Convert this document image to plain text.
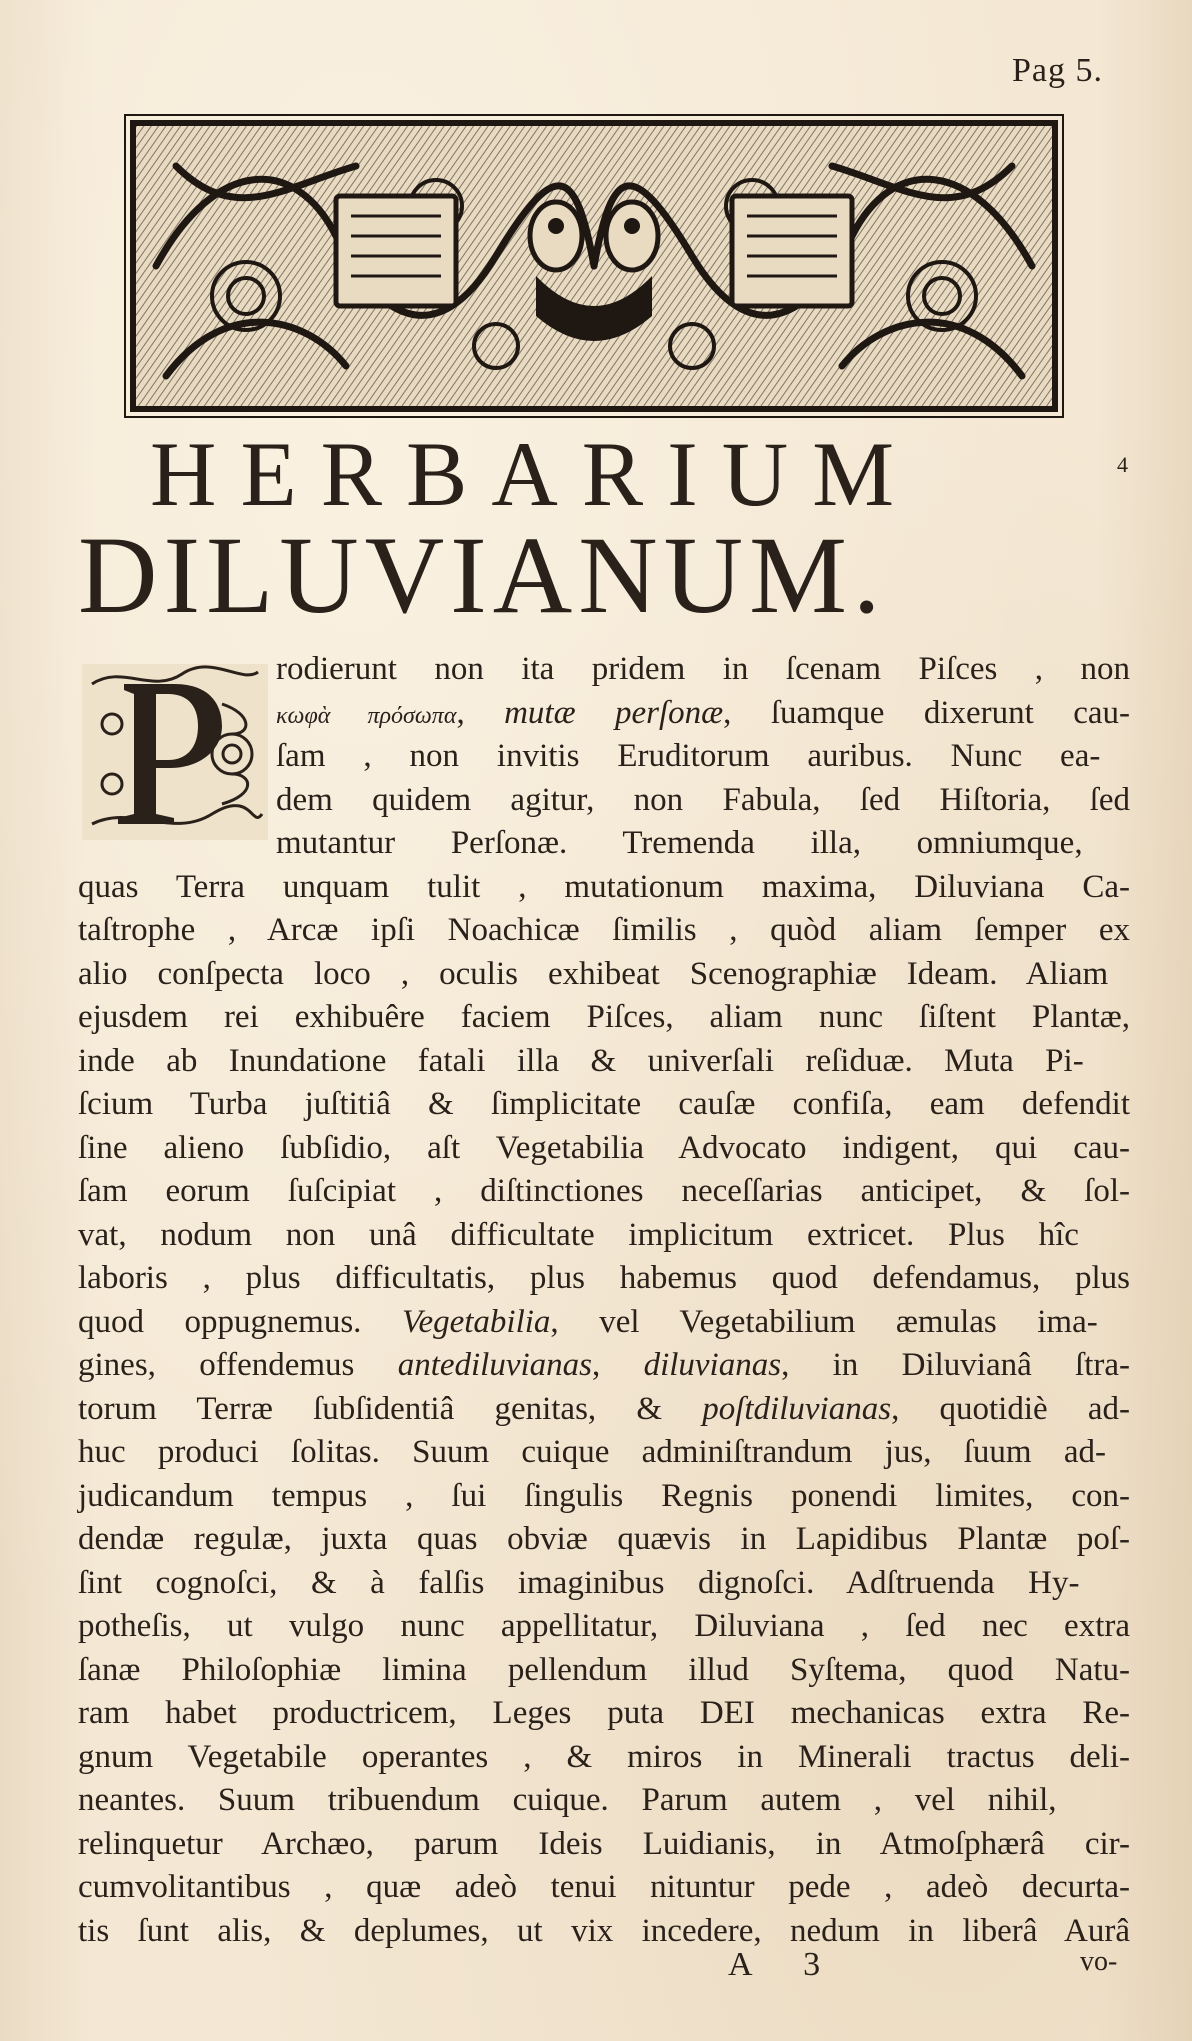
Pag 5.
HERBARIUM	4
DILUVIANUM.
rodierunt non ita pridem in ſcenam Piſces , non
κωφὰ πρόσωπα, mutæ perſonæ, ſuamque dixerunt cau-
ſam , non invitis Eruditorum auribus. Nunc ea-
dem quidem agitur, non Fabula, ſed Hiſtoria, ſed
mutantur Perſonæ. Tremenda illa, omniumque,
quas Terra unquam tulit , mutationum maxima, Diluviana Ca-
taſtrophe , Arcæ ipſi Noachicæ ſimilis , quòd aliam ſemper ex
alio conſpecta loco , oculis exhibeat Scenographiæ Ideam. Aliam
ejusdem rei exhibuêre faciem Piſces, aliam nunc ſiſtent Plantæ,
inde ab Inundatione fatali illa & univerſali reſiduæ. Muta Pi-
ſcium Turba juſtitiâ & ſimplicitate cauſæ confiſa, eam defendit
ſine alieno ſubſidio, aſt Vegetabilia Advocato indigent, qui cau-
ſam eorum ſuſcipiat , diſtinctiones neceſſarias anticipet, & ſol-
vat, nodum non unâ difficultate implicitum extricet. Plus hîc
laboris , plus difficultatis, plus habemus quod defendamus, plus
quod oppugnemus. Vegetabilia, vel Vegetabilium æmulas ima-
gines, offendemus antediluvianas, diluvianas, in Diluvianâ ſtra-
torum Terræ ſubſidentiâ genitas, & poſtdiluvianas, quotidiè ad-
huc produci ſolitas. Suum cuique adminiſtrandum jus, ſuum ad-
judicandum tempus , ſui ſingulis Regnis ponendi limites, con-
dendæ regulæ, juxta quas obviæ quævis in Lapidibus Plantæ poſ-
ſint cognoſci, & à falſis imaginibus dignoſci. Adſtruenda Hy-
potheſis, ut vulgo nunc appellitatur, Diluviana , ſed nec extra
ſanæ Philoſophiæ limina pellendum illud Syſtema, quod Natu-
ram habet productricem, Leges puta DEI mechanicas extra Re-
gnum Vegetabile operantes , & miros in Minerali tractus deli-
neantes. Suum tribuendum cuique. Parum autem , vel nihil,
relinquetur Archæo, parum Ideis Luidianis, in Atmoſphærâ cir-
cumvolitantibus , quæ adeò tenui nituntur pede , adeò decurta-
tis ſunt alis, & deplumes, ut vix incedere, nedum in liberâ Aurâ
A 3	vo-
